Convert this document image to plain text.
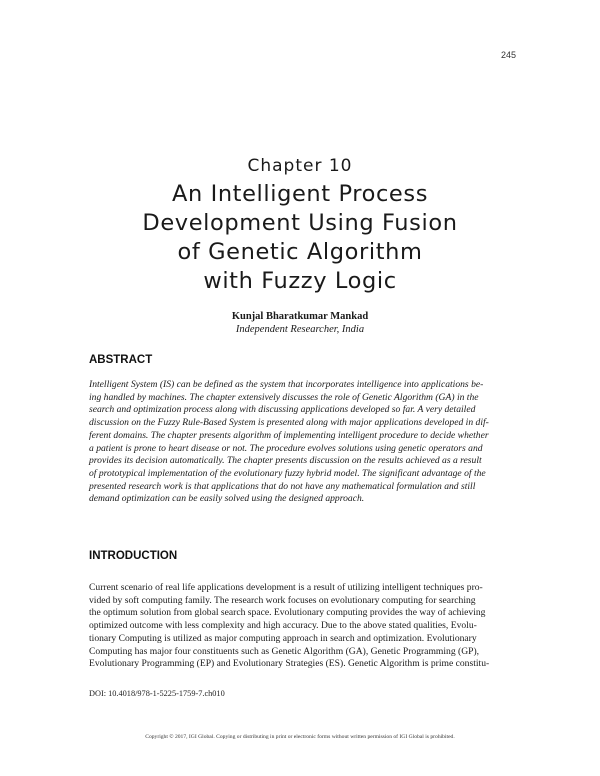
245
Chapter 10
An Intelligent Process
Development Using Fusion
of Genetic Algorithm
with Fuzzy Logic
Kunjal Bharatkumar Mankad
Independent Researcher, India
ABSTRACT

Intelligent System (IS) can be defined as the system that incorporates intelligence into applications be-
ing handled by machines. The chapter extensively discusses the role of Genetic Algorithm (GA) in the
search and optimization process along with discussing applications developed so far. A very detailed
discussion on the Fuzzy Rule-Based System is presented along with major applications developed in dif-
ferent domains. The chapter presents algorithm of implementing intelligent procedure to decide whether
a patient is prone to heart disease or not. The procedure evolves solutions using genetic operators and
provides its decision automatically. The chapter presents discussion on the results achieved as a result
of prototypical implementation of the evolutionary fuzzy hybrid model. The significant advantage of the
presented research work is that applications that do not have any mathematical formulation and still
demand optimization can be easily solved using the designed approach.

INTRODUCTION

Current scenario of real life applications development is a result of utilizing intelligent techniques pro-
vided by soft computing family. The research work focuses on evolutionary computing for searching
the optimum solution from global search space. Evolutionary computing provides the way of achieving
optimized outcome with less complexity and high accuracy. Due to the above stated qualities, Evolu-
tionary Computing is utilized as major computing approach in search and optimization. Evolutionary
Computing has major four constituents such as Genetic Algorithm (GA), Genetic Programming (GP),
Evolutionary Programming (EP) and Evolutionary Strategies (ES). Genetic Algorithm is prime constitu-

DOI: 10.4018/978-1-5225-1759-7.ch010
Copyright © 2017, IGI Global. Copying or distributing in print or electronic forms without written permission of IGI Global is prohibited.
